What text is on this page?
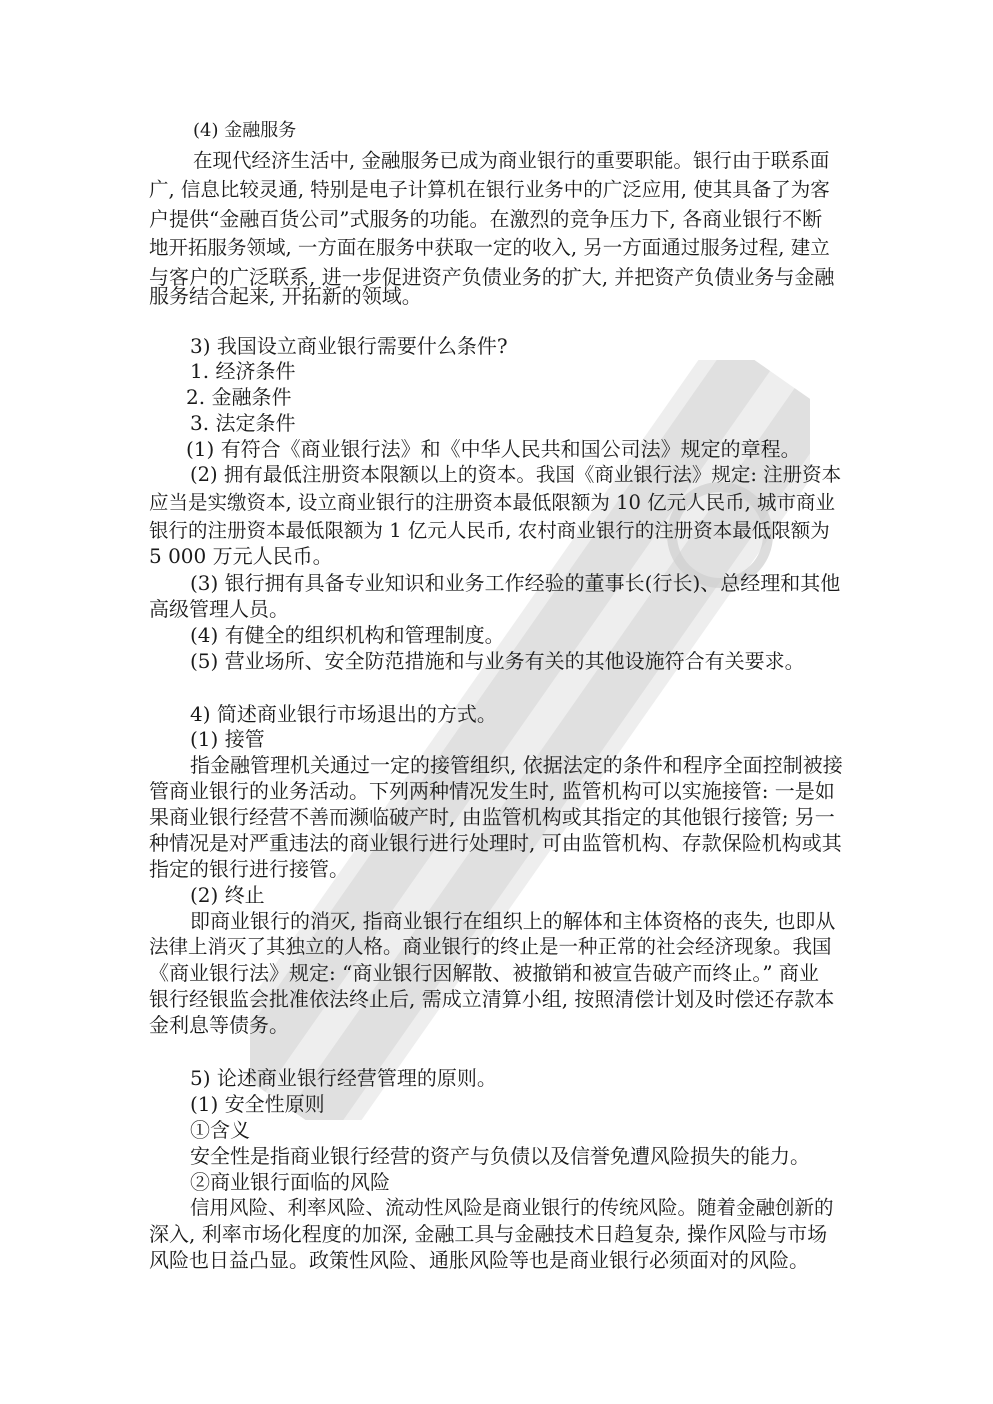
(4) 金融服务
在现代经济生活中, 金融服务已成为商业银行的重要职能。银行由于联系面
广, 信息比较灵通, 特别是电子计算机在银行业务中的广泛应用, 使其具备了为客
户提供“金融百货公司”式服务的功能。在激烈的竞争压力下, 各商业银行不断
地开拓服务领域, 一方面在服务中获取一定的收入, 另一方面通过服务过程, 建立
与客户的广泛联系, 进一步促进资产负债业务的扩大, 并把资产负债业务与金融
服务结合起来, 开拓新的领域。
3) 我国设立商业银行需要什么条件?
1. 经济条件
2. 金融条件
3. 法定条件
(1) 有符合《商业银行法》和《中华人民共和国公司法》规定的章程。
(2) 拥有最低注册资本限额以上的资本。我国《商业银行法》规定: 注册资本
应当是实缴资本, 设立商业银行的注册资本最低限额为 10 亿元人民币, 城市商业
银行的注册资本最低限额为 1 亿元人民币, 农村商业银行的注册资本最低限额为
5 000 万元人民币。
(3) 银行拥有具备专业知识和业务工作经验的董事长(行长)、总经理和其他
高级管理人员。
(4) 有健全的组织机构和管理制度。
(5) 营业场所、安全防范措施和与业务有关的其他设施符合有关要求。
4) 简述商业银行市场退出的方式。
(1) 接管
指金融管理机关通过一定的接管组织, 依据法定的条件和程序全面控制被接
管商业银行的业务活动。下列两种情况发生时, 监管机构可以实施接管: 一是如
果商业银行经营不善而濒临破产时, 由监管机构或其指定的其他银行接管; 另一
种情况是对严重违法的商业银行进行处理时, 可由监管机构、存款保险机构或其
指定的银行进行接管。
(2) 终止
即商业银行的消灭, 指商业银行在组织上的解体和主体资格的丧失, 也即从
法律上消灭了其独立的人格。商业银行的终止是一种正常的社会经济现象。我国
《商业银行法》规定: “商业银行因解散、被撤销和被宣告破产而终止。” 商业
银行经银监会批准依法终止后, 需成立清算小组, 按照清偿计划及时偿还存款本
金利息等债务。
5) 论述商业银行经营管理的原则。
(1) 安全性原则
①含义
安全性是指商业银行经营的资产与负债以及信誉免遭风险损失的能力。
②商业银行面临的风险
信用风险、利率风险、流动性风险是商业银行的传统风险。随着金融创新的
深入, 利率市场化程度的加深, 金融工具与金融技术日趋复杂, 操作风险与市场
风险也日益凸显。政策性风险、通胀风险等也是商业银行必须面对的风险。
